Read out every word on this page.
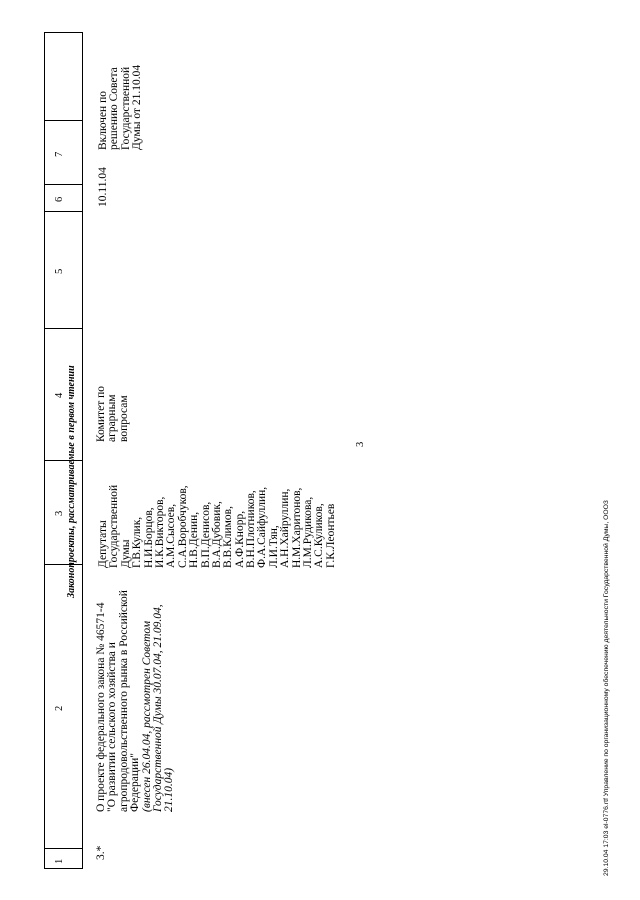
3
1
2
3
4
5
6
7
Законопроекты, рассматриваемые в первом чтении
3.*
О проекте федерального закона № 46571-4 "О развитии сельского хозяйства и агропродовольственного рынка в Российской Федерации" (внесен 26.04.04, рассмотрен Советом Государственной Думы 30.07.04, 21.09.04, 21.10.04)
Депутаты Государственной Думы Г.В.Кулик, Н.И.Борцов, И.К.Викторов, А.М.Сысоев, С.А.Воробчуков, Н.В.Денин, В.П.Денисов, В.А.Дубовик, В.В.Климов, А.Ф.Кнорр, В.Н.Плотников, Ф.А.Сайфуллин, Л.И.Тян, А.Н.Хайруллин, Н.М.Харитонов, Л.М.Рудикова, А.С.Куликов, Г.К.Леонтьев
Комитет по аграрным вопросам
10.11.04
Включен по решению Совета Государственной Думы от 21.10.04
29.10.04 17:03 el-0776.rtf Управление по организационному обеспечению деятельности Государственной Думы, ООО3
